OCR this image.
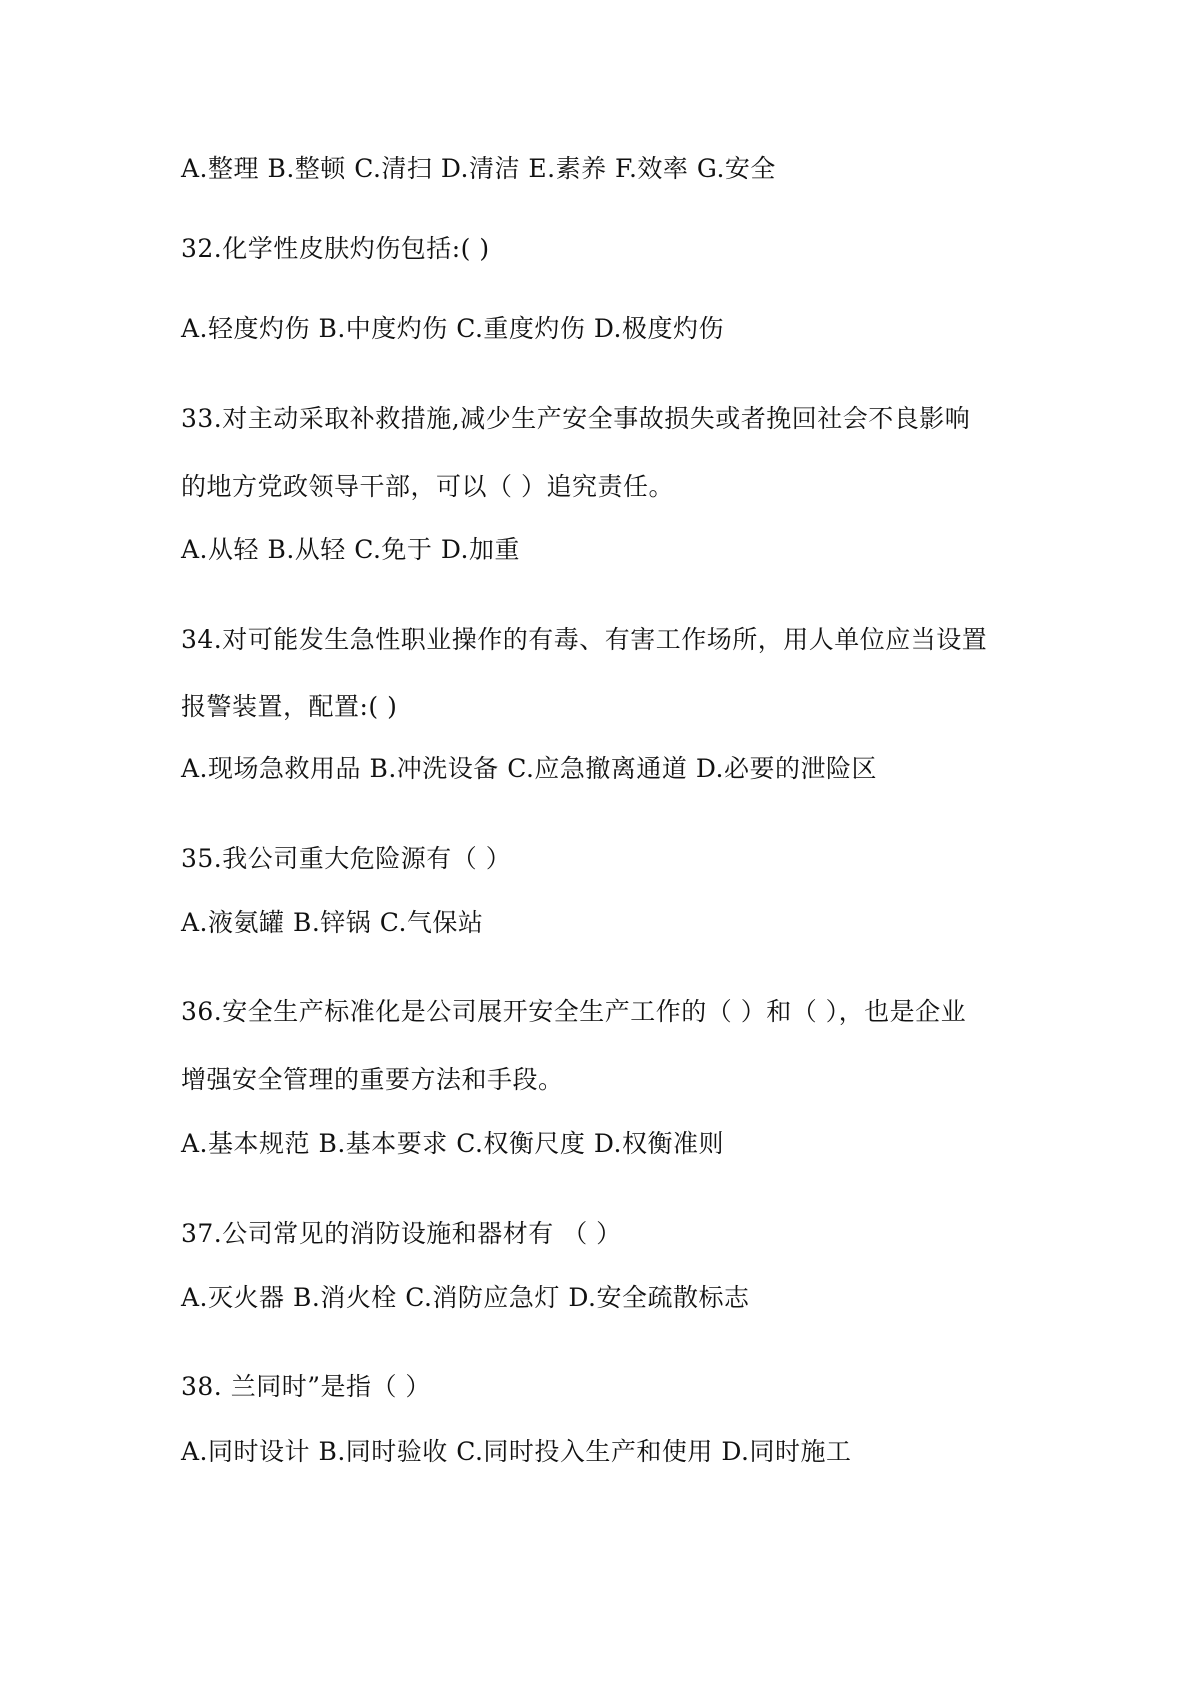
A.整理 B.整顿 C.清扫 D.清洁 E.素养 F.效率 G.安全
32.化学性皮肤灼伤包括:( )
A.轻度灼伤 B.中度灼伤 C.重度灼伤 D.极度灼伤
33.对主动采取补救措施,减少生产安全事故损失或者挽回社会不良影响
的地方党政领导干部，可以（ ）追究责任。
A.从轻 B.从轻 C.免于 D.加重
34.对可能发生急性职业操作的有毒、有害工作场所，用人单位应当设置
报警装置，配置:( )
A.现场急救用品 B.冲洗设备 C.应急撤离通道 D.必要的泄险区
35.我公司重大危险源有（ ）
A.液氨罐 B.锌锅 C.气保站
36.安全生产标准化是公司展开安全生产工作的（ ）和（ ），也是企业
增强安全管理的重要方法和手段。
A.基本规范 B.基本要求 C.权衡尺度 D.权衡准则
37.公司常见的消防设施和器材有 （ ）
A.灭火器 B.消火栓 C.消防应急灯 D.安全疏散标志
38. 兰同时”是指（ ）
A.同时设计 B.同时验收 C.同时投入生产和使用 D.同时施工
